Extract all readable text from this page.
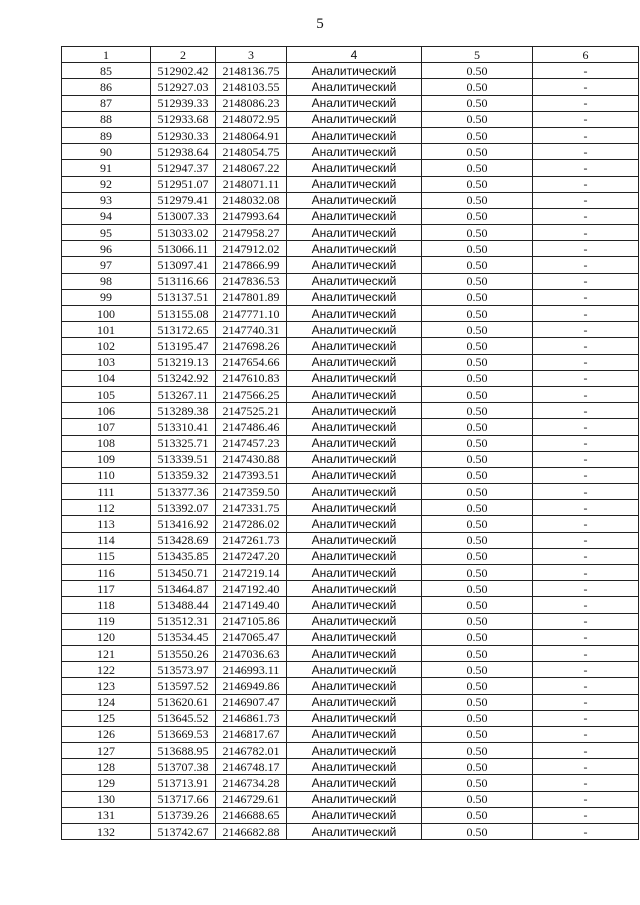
5
1	2	3	4	5	6
85	512902.42	2148136.75	Аналитический	0.50	-
86	512927.03	2148103.55	Аналитический	0.50	-
87	512939.33	2148086.23	Аналитический	0.50	-
88	512933.68	2148072.95	Аналитический	0.50	-
89	512930.33	2148064.91	Аналитический	0.50	-
90	512938.64	2148054.75	Аналитический	0.50	-
91	512947.37	2148067.22	Аналитический	0.50	-
92	512951.07	2148071.11	Аналитический	0.50	-
93	512979.41	2148032.08	Аналитический	0.50	-
94	513007.33	2147993.64	Аналитический	0.50	-
95	513033.02	2147958.27	Аналитический	0.50	-
96	513066.11	2147912.02	Аналитический	0.50	-
97	513097.41	2147866.99	Аналитический	0.50	-
98	513116.66	2147836.53	Аналитический	0.50	-
99	513137.51	2147801.89	Аналитический	0.50	-
100	513155.08	2147771.10	Аналитический	0.50	-
101	513172.65	2147740.31	Аналитический	0.50	-
102	513195.47	2147698.26	Аналитический	0.50	-
103	513219.13	2147654.66	Аналитический	0.50	-
104	513242.92	2147610.83	Аналитический	0.50	-
105	513267.11	2147566.25	Аналитический	0.50	-
106	513289.38	2147525.21	Аналитический	0.50	-
107	513310.41	2147486.46	Аналитический	0.50	-
108	513325.71	2147457.23	Аналитический	0.50	-
109	513339.51	2147430.88	Аналитический	0.50	-
110	513359.32	2147393.51	Аналитический	0.50	-
111	513377.36	2147359.50	Аналитический	0.50	-
112	513392.07	2147331.75	Аналитический	0.50	-
113	513416.92	2147286.02	Аналитический	0.50	-
114	513428.69	2147261.73	Аналитический	0.50	-
115	513435.85	2147247.20	Аналитический	0.50	-
116	513450.71	2147219.14	Аналитический	0.50	-
117	513464.87	2147192.40	Аналитический	0.50	-
118	513488.44	2147149.40	Аналитический	0.50	-
119	513512.31	2147105.86	Аналитический	0.50	-
120	513534.45	2147065.47	Аналитический	0.50	-
121	513550.26	2147036.63	Аналитический	0.50	-
122	513573.97	2146993.11	Аналитический	0.50	-
123	513597.52	2146949.86	Аналитический	0.50	-
124	513620.61	2146907.47	Аналитический	0.50	-
125	513645.52	2146861.73	Аналитический	0.50	-
126	513669.53	2146817.67	Аналитический	0.50	-
127	513688.95	2146782.01	Аналитический	0.50	-
128	513707.38	2146748.17	Аналитический	0.50	-
129	513713.91	2146734.28	Аналитический	0.50	-
130	513717.66	2146729.61	Аналитический	0.50	-
131	513739.26	2146688.65	Аналитический	0.50	-
132	513742.67	2146682.88	Аналитический	0.50	-
